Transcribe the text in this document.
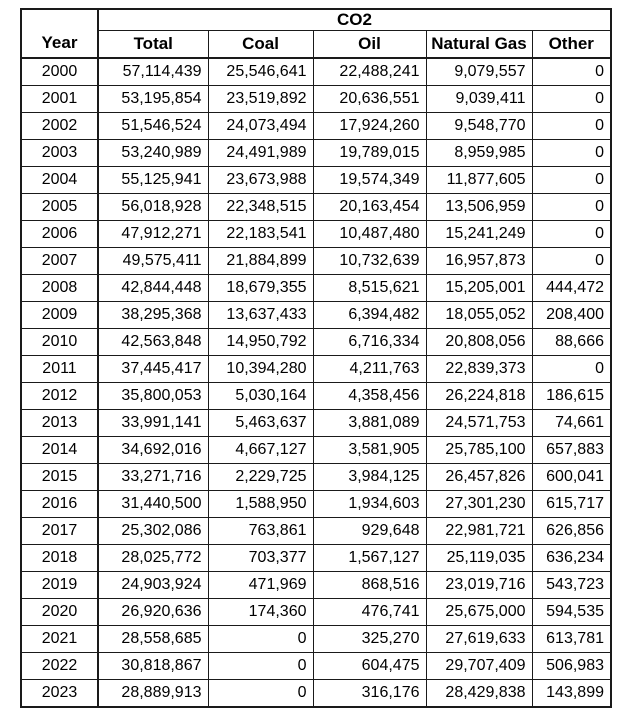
Year	CO2				
	Total	Coal	Oil	Natural Gas	Other
2000	57,114,439	25,546,641	22,488,241	9,079,557	0
2001	53,195,854	23,519,892	20,636,551	9,039,411	0
2002	51,546,524	24,073,494	17,924,260	9,548,770	0
2003	53,240,989	24,491,989	19,789,015	8,959,985	0
2004	55,125,941	23,673,988	19,574,349	11,877,605	0
2005	56,018,928	22,348,515	20,163,454	13,506,959	0
2006	47,912,271	22,183,541	10,487,480	15,241,249	0
2007	49,575,411	21,884,899	10,732,639	16,957,873	0
2008	42,844,448	18,679,355	8,515,621	15,205,001	444,472
2009	38,295,368	13,637,433	6,394,482	18,055,052	208,400
2010	42,563,848	14,950,792	6,716,334	20,808,056	88,666
2011	37,445,417	10,394,280	4,211,763	22,839,373	0
2012	35,800,053	5,030,164	4,358,456	26,224,818	186,615
2013	33,991,141	5,463,637	3,881,089	24,571,753	74,661
2014	34,692,016	4,667,127	3,581,905	25,785,100	657,883
2015	33,271,716	2,229,725	3,984,125	26,457,826	600,041
2016	31,440,500	1,588,950	1,934,603	27,301,230	615,717
2017	25,302,086	763,861	929,648	22,981,721	626,856
2018	28,025,772	703,377	1,567,127	25,119,035	636,234
2019	24,903,924	471,969	868,516	23,019,716	543,723
2020	26,920,636	174,360	476,741	25,675,000	594,535
2021	28,558,685	0	325,270	27,619,633	613,781
2022	30,818,867	0	604,475	29,707,409	506,983
2023	28,889,913	0	316,176	28,429,838	143,899
